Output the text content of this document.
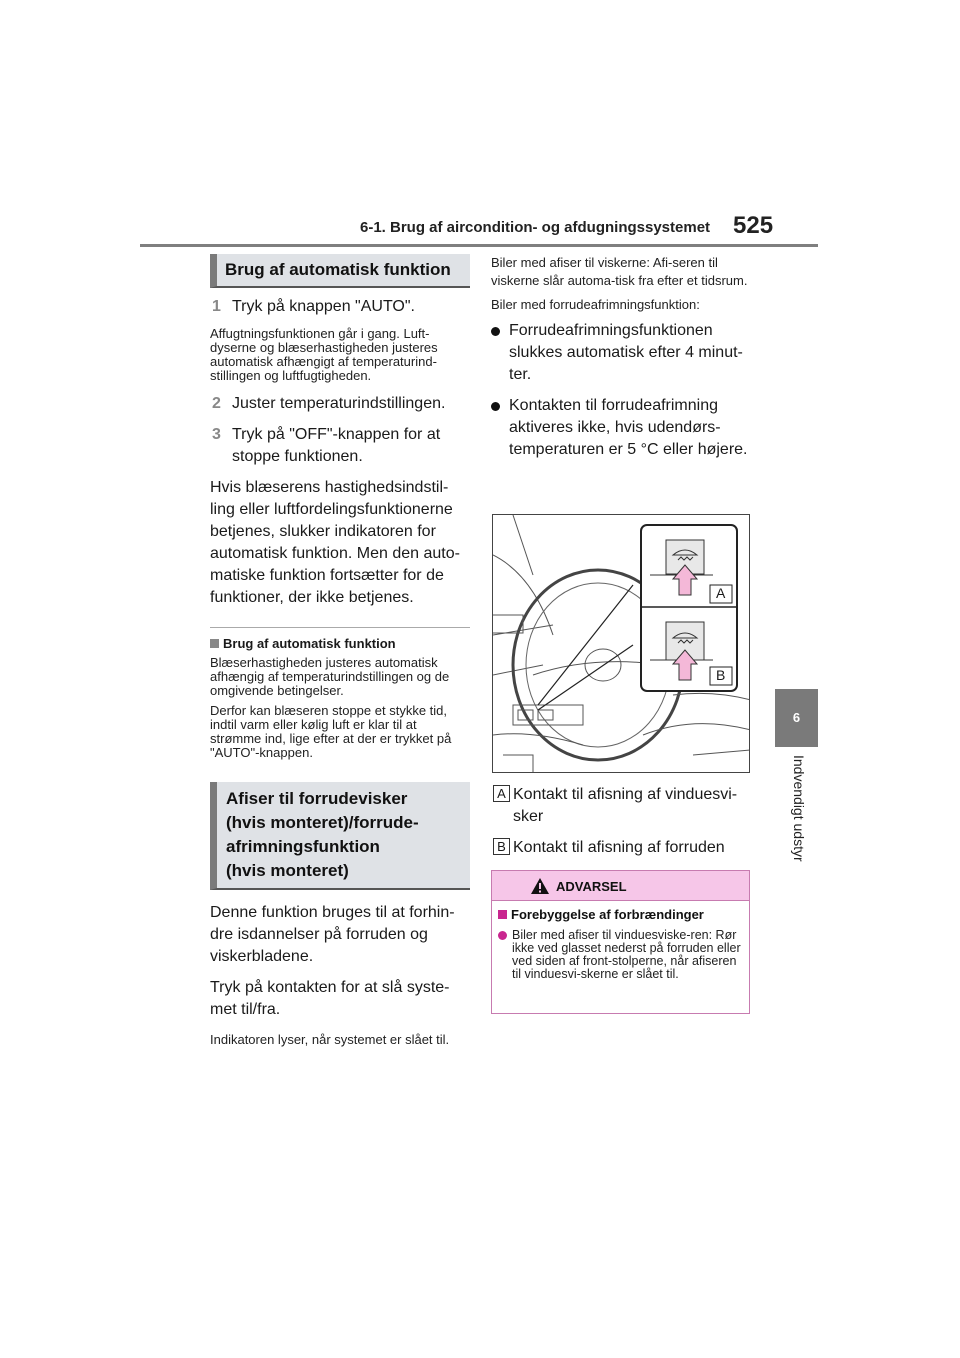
6-1. Brug af aircondition- og afdugningssystemet 525
6
Indvendigt udstyr
Brug af automatisk funktion
1 Tryk på knappen "AUTO".
Affugtningsfunktionen går i gang. Luft-dyserne og blæserhastigheden justeres automatisk afhængigt af temperaturind-stillingen og luftfugtigheden.
2 Juster temperaturindstillingen.
3 Tryk på "OFF"-knappen for at stoppe funktionen.
Hvis blæserens hastighedsindstil-ling eller luftfordelingsfunktionerne betjenes, slukker indikatoren for automatisk funktion. Men den auto-matiske funktion fortsætter for de funktioner, der ikke betjenes.
Brug af automatisk funktion
Blæserhastigheden justeres automatisk afhængig af temperaturindstillingen og de omgivende betingelser.
Derfor kan blæseren stoppe et stykke tid, indtil varm eller kølig luft er klar til at strømme ind, lige efter at der er trykket på "AUTO"-knappen.
Afiser til forrudevisker
(hvis monteret)/forrude-
afrimningsfunktion
(hvis monteret)
Denne funktion bruges til at forhin-dre isdannelser på forruden og viskerbladene.
Tryk på kontakten for at slå syste-met til/fra.
Indikatoren lyser, når systemet er slået til.
Biler med afiser til viskerne: Afi-seren til viskerne slår automa-tisk fra efter et tidsrum.
Biler med forrudeafrimningsfunktion:
Forrudeafrimningsfunktionen slukkes automatisk efter 4 minut-ter.
Kontakten til forrudeafrimning aktiveres ikke, hvis udendørs-temperaturen er 5 °C eller højere.
A
B
A Kontakt til afisning af vinduesvi-sker
B Kontakt til afisning af forruden
ADVARSEL
Forebyggelse af forbrændinger
Biler med afiser til vinduesviske-ren: Rør ikke ved glasset nederst på forruden eller ved siden af front-stolperne, når afiseren til vinduesvi-skerne er slået til.
